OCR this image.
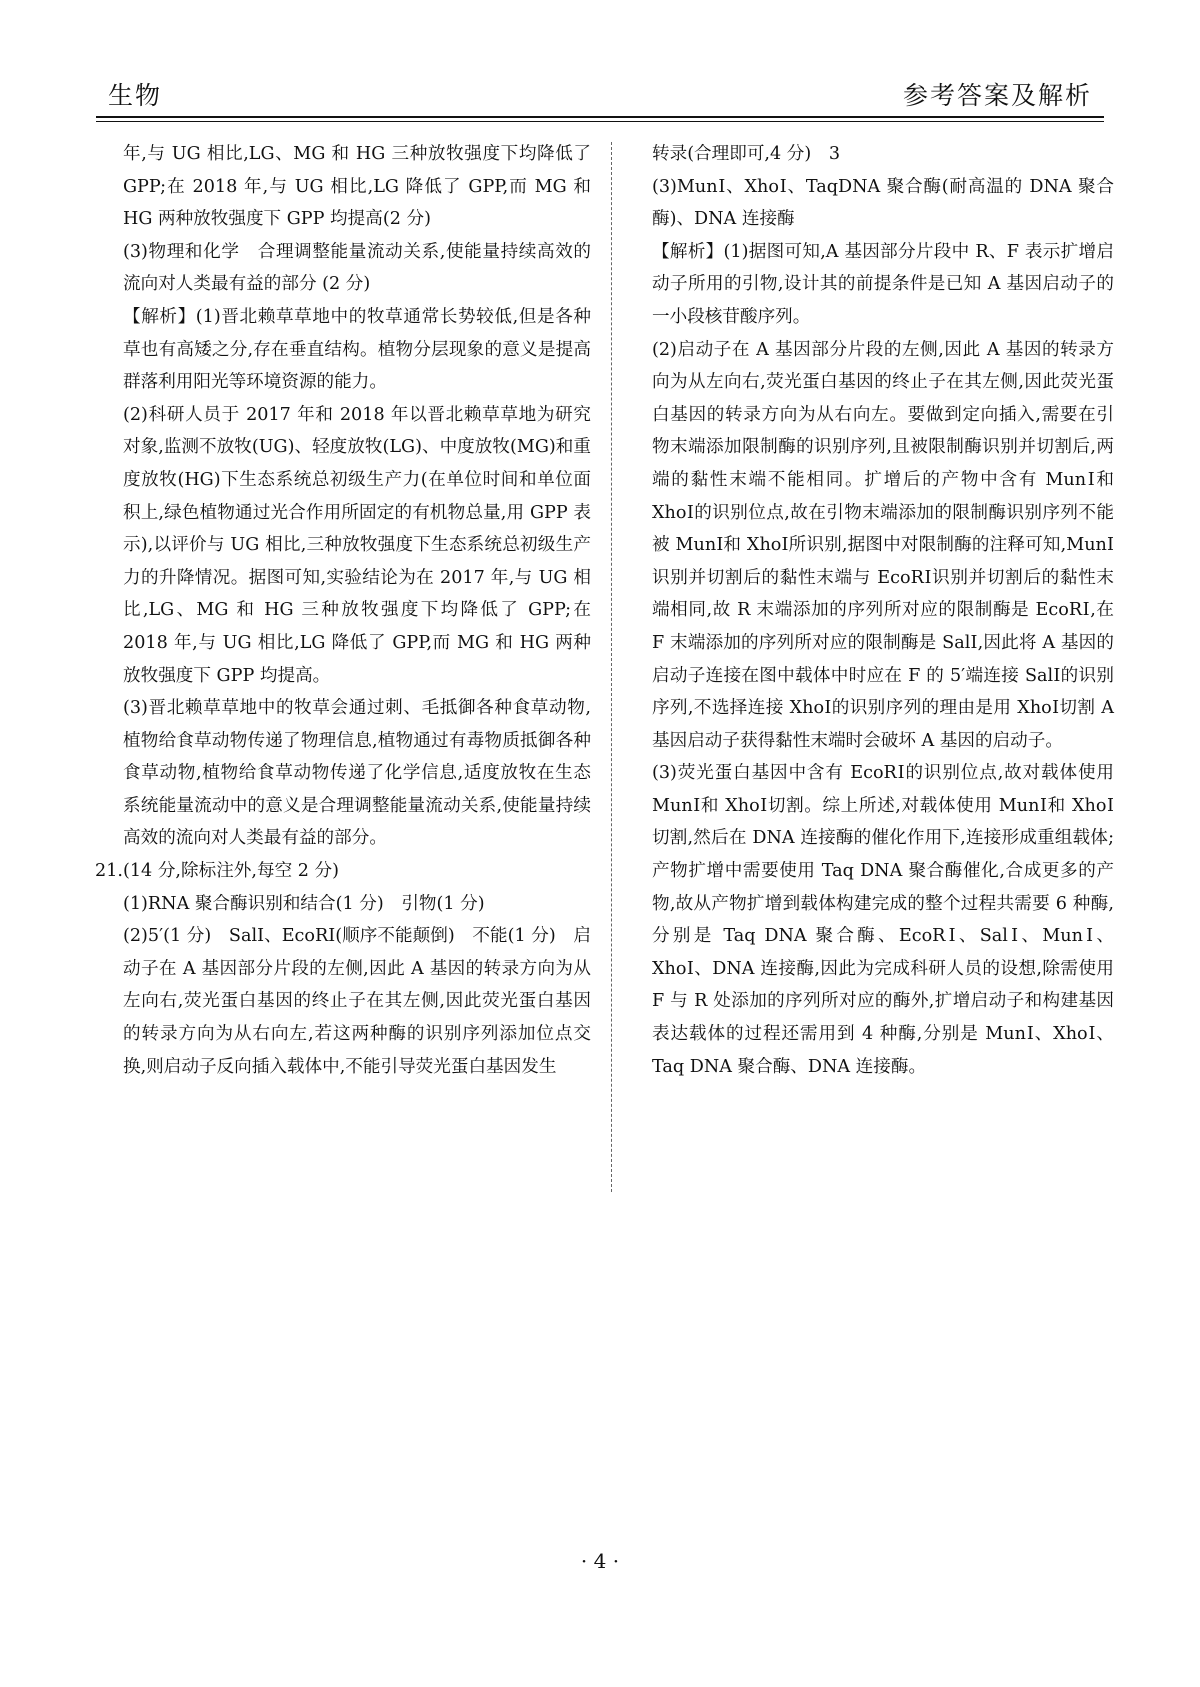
生物	参考答案及解析

年,与 UG 相比,LG、MG 和 HG 三种放牧强度下均降低了 GPP;在 2018 年,与 UG 相比,LG 降低了 GPP,而 MG 和 HG 两种放牧强度下 GPP 均提高(2 分)

(3)物理和化学　合理调整能量流动关系,使能量持续高效的流向对人类最有益的部分 (2 分)

【解析】(1)晋北赖草草地中的牧草通常长势较低,但是各种草也有高矮之分,存在垂直结构。植物分层现象的意义是提高群落利用阳光等环境资源的能力。

(2)科研人员于 2017 年和 2018 年以晋北赖草草地为研究对象,监测不放牧(UG)、轻度放牧(LG)、中度放牧(MG)和重度放牧(HG)下生态系统总初级生产力(在单位时间和单位面积上,绿色植物通过光合作用所固定的有机物总量,用 GPP 表示),以评价与 UG 相比,三种放牧强度下生态系统总初级生产力的升降情况。据图可知,实验结论为在 2017 年,与 UG 相比,LG、MG 和 HG 三种放牧强度下均降低了 GPP;在 2018 年,与 UG 相比,LG 降低了 GPP,而 MG 和 HG 两种放牧强度下 GPP 均提高。

(3)晋北赖草草地中的牧草会通过刺、毛抵御各种食草动物,植物给食草动物传递了物理信息,植物通过有毒物质抵御各种食草动物,植物给食草动物传递了化学信息,适度放牧在生态系统能量流动中的意义是合理调整能量流动关系,使能量持续高效的流向对人类最有益的部分。

21.(14 分,除标注外,每空 2 分)

(1)RNA 聚合酶识别和结合(1 分)　引物(1 分)

(2)5′(1 分)　SalⅠ、EcoRⅠ(顺序不能颠倒)　不能(1 分)　启动子在 A 基因部分片段的左侧,因此 A 基因的转录方向为从左向右,荧光蛋白基因的终止子在其左侧,因此荧光蛋白基因的转录方向为从右向左,若这两种酶的识别序列添加位点交换,则启动子反向插入载体中,不能引导荧光蛋白基因发生

转录(合理即可,4 分)　3

(3)MunⅠ、XhoⅠ、TaqDNA 聚合酶(耐高温的 DNA 聚合酶)、DNA 连接酶

【解析】(1)据图可知,A 基因部分片段中 R、F 表示扩增启动子所用的引物,设计其的前提条件是已知 A 基因启动子的一小段核苷酸序列。

(2)启动子在 A 基因部分片段的左侧,因此 A 基因的转录方向为从左向右,荧光蛋白基因的终止子在其左侧,因此荧光蛋白基因的转录方向为从右向左。要做到定向插入,需要在引物末端添加限制酶的识别序列,且被限制酶识别并切割后,两端的黏性末端不能相同。扩增后的产物中含有 MunⅠ和 XhoⅠ的识别位点,故在引物末端添加的限制酶识别序列不能被 MunⅠ和 XhoⅠ所识别,据图中对限制酶的注释可知,MunⅠ识别并切割后的黏性末端与 EcoRⅠ识别并切割后的黏性末端相同,故 R 末端添加的序列所对应的限制酶是 EcoRⅠ,在 F 末端添加的序列所对应的限制酶是 SalⅠ,因此将 A 基因的启动子连接在图中载体中时应在 F 的 5′端连接 SalⅠ的识别序列,不选择连接 XhoⅠ的识别序列的理由是用 XhoⅠ切割 A 基因启动子获得黏性末端时会破坏 A 基因的启动子。

(3)荧光蛋白基因中含有 EcoRⅠ的识别位点,故对载体使用 MunⅠ和 XhoⅠ切割。综上所述,对载体使用 MunⅠ和 XhoⅠ切割,然后在 DNA 连接酶的催化作用下,连接形成重组载体;产物扩增中需要使用 Taq DNA 聚合酶催化,合成更多的产物,故从产物扩增到载体构建完成的整个过程共需要 6 种酶,分别是 Taq DNA 聚合酶、EcoRⅠ、SalⅠ、MunⅠ、XhoⅠ、DNA 连接酶,因此为完成科研人员的设想,除需使用 F 与 R 处添加的序列所对应的酶外,扩增启动子和构建基因表达载体的过程还需用到 4 种酶,分别是 MunⅠ、XhoⅠ、Taq DNA 聚合酶、DNA 连接酶。

· 4 ·
